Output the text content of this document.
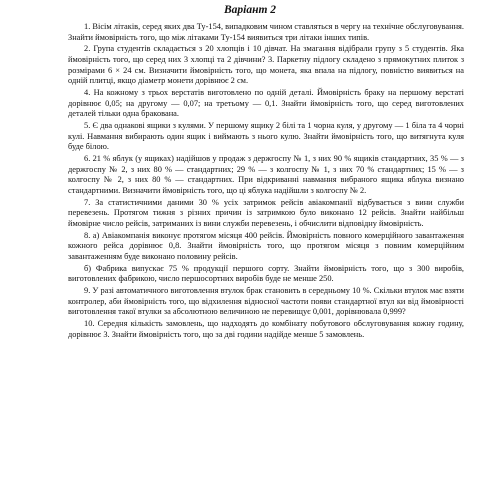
Варіант 2

1. Вісім літаків, серед яких два Ту-154, випадковим чином ставляться в чергу на технічне обслуговування. Знайти ймовірність того, що між літаками Ту-154 виявиться три літаки інших типів.

2. Група студентів складається з 20 хлопців і 10 дівчат. На змагання відібрали групу з 5 студентів. Яка ймовірність того, що серед них 3 хлопці та 2 дівчини? 3. Паркетну підлогу складено з прямокутних плиток з розмірами 6 × 24 см. Визначити ймовірність того, що монета, яка впала на підлогу, повністю виявиться на одній плитці, якщо діаметр монети дорівнює 2 см.

4. На кожному з трьох верстатів виготовлено по одній деталі. Ймовірність браку на першому верстаті дорівнює 0,05; на другому — 0,07; на третьому — 0,1. Знайти ймовірність того, що серед виготовлених деталей тільки одна бракована.

5. Є два однакові ящики з кулями. У першому ящику 2 білі та 1 чорна куля, у другому — 1 біла та 4 чорні кулі. Навмання вибирають один ящик і виймають з нього кулю. Знайти ймовірність того, що витягнута куля буде білою.

6. 21 % яблук (у ящиках) надійшов у продаж з держгоспу № 1, з них 90 % ящиків стандартних, 35 % — з держгоспу № 2, з них 80 % — стандартних; 29 % — з колгоспу № 1, з них 70 % стандартних; 15 % — з колгоспу № 2, з них 80 % — стандартних. При відкриванні навмання вибраного ящика яблука визнано стандартними. Визначити ймовірність того, що ці яблука надійшли з колгоспу № 2.

7. За статистичними даними 30 % усіх затримок рейсів авіакомпанії відбувається з вини служби перевезень. Протягом тижня з різних причин із затримкою було виконано 12 рейсів. Знайти найбільш ймовірне число рейсів, затриманих із вини служби перевезень, і обчислити відповідну ймовірність.

8. а) Авіакомпанія виконує протягом місяця 400 рейсів. Ймовірність повного комерційного завантаження кожного рейса дорівнює 0,8. Знайти ймовірність того, що протягом місяця з повним комерційним завантаженням буде виконано половину рейсів.

б) Фабрика випускає 75 % продукції першого сорту. Знайти ймовірність того, що з 300 виробів, виготовлених фабрикою, число першосортних виробів буде не менше 250.

9. У разі автоматичного виготовлення втулок брак становить в середньому 10 %. Скільки втулок має взяти контролер, аби ймовірність того, що відхилення відносної частоти появи стандартної втул ки від ймовірності виготовлення такої втулки за абсолютною величиною не перевищує 0,001, дорівнювала 0,999?

10. Середня кількість замовлень, що надходять до комбінату побутового обслуговування кожну годину, дорівнює 3. Знайти ймовірність того, що за дві години надійде менше 5 замовлень.
